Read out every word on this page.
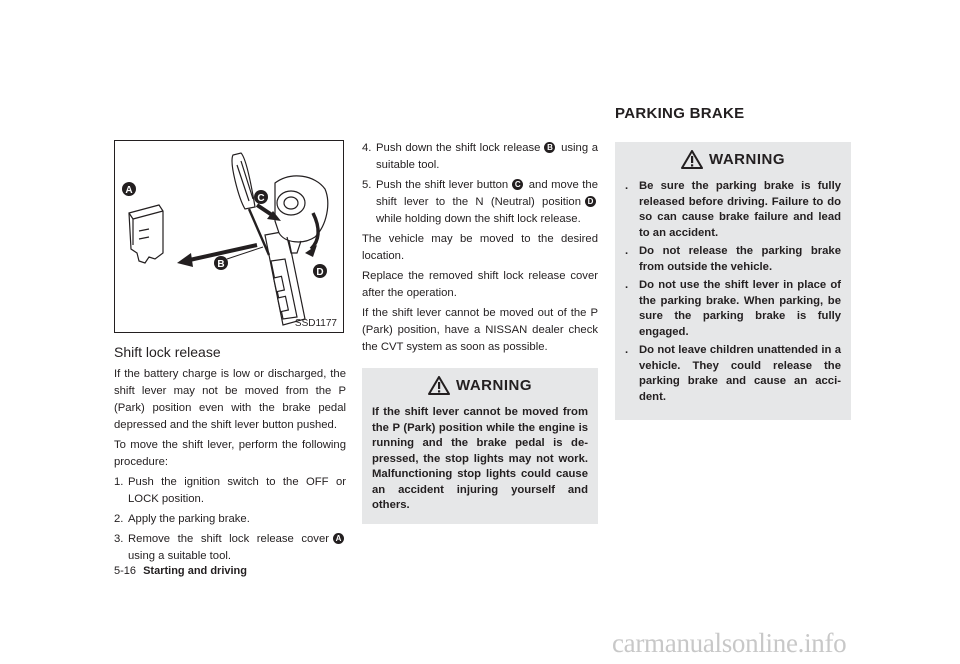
A
B
C
D
SSD1177
Shift lock release

If the battery charge is low or discharged, the shift lever may not be moved from the P (Park) position even with the brake pedal depressed and the shift lever button pushed.

To move the shift lever, perform the following procedure:

1. Push the ignition switch to the OFF or LOCK position.
2. Apply the parking brake.
3. Remove the shift lock release cover A using a suitable tool.
4. Push down the shift lock release B using a suitable tool.
5. Push the shift lever button C and move the shift lever to the N (Neutral) position D while holding down the shift lock release.

The vehicle may be moved to the desired location.

Replace the removed shift lock release cover after the operation.

If the shift lever cannot be moved out of the P (Park) position, have a NISSAN dealer check the CVT system as soon as possible.

WARNING
If the shift lever cannot be moved from the P (Park) position while the engine is running and the brake pedal is de-pressed, the stop lights may not work. Malfunctioning stop lights could cause an accident injuring yourself and others.
PARKING BRAKE
WARNING
. Be sure the parking brake is fully released before driving. Failure to do so can cause brake failure and lead to an accident.
. Do not release the parking brake from outside the vehicle.
. Do not use the shift lever in place of the parking brake. When parking, be sure the parking brake is fully engaged.
. Do not leave children unattended in a vehicle. They could release the parking brake and cause an acci-dent.
5-16 Starting and driving
carmanualsonline.info
